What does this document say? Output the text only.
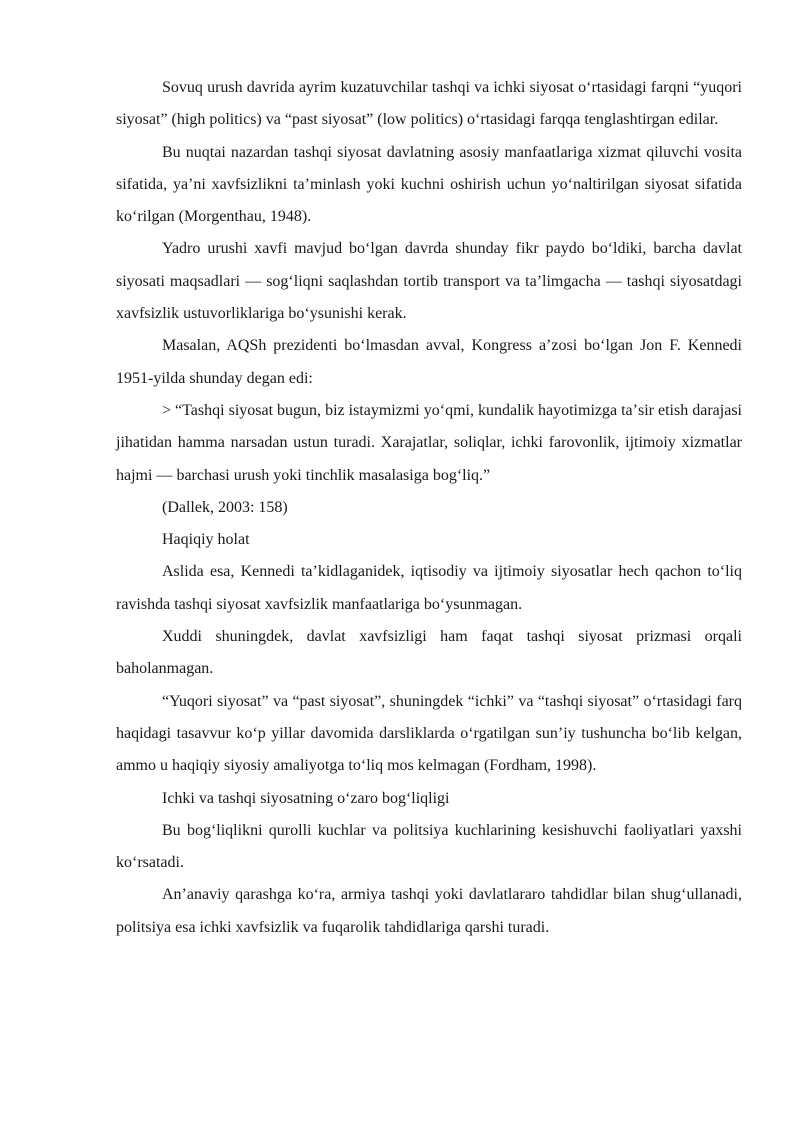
Sovuq urush davrida ayrim kuzatuvchilar tashqi va ichki siyosat oʻrtasidagi farqni “yuqori siyosat” (high politics) va “past siyosat” (low politics) oʻrtasidagi farqqa tenglashtirgan edilar.

Bu nuqtai nazardan tashqi siyosat davlatning asosiy manfaatlariga xizmat qiluvchi vosita sifatida, yaʼni xavfsizlikni taʼminlash yoki kuchni oshirish uchun yoʻnaltirilgan siyosat sifatida koʻrilgan (Morgenthau, 1948).

Yadro urushi xavfi mavjud boʻlgan davrda shunday fikr paydo boʻldiki, barcha davlat siyosati maqsadlari — sogʻliqni saqlashdan tortib transport va taʼlimgacha — tashqi siyosatdagi xavfsizlik ustuvorliklariga boʻysunishi kerak.

Masalan, AQSh prezidenti boʻlmasdan avval, Kongress aʼzosi boʻlgan Jon F. Kennedi 1951-yilda shunday degan edi:

> “Tashqi siyosat bugun, biz istaymizmi yoʻqmi, kundalik hayotimizga taʼsir etish darajasi jihatidan hamma narsadan ustun turadi. Xarajatlar, soliqlar, ichki farovonlik, ijtimoiy xizmatlar hajmi — barchasi urush yoki tinchlik masalasiga bogʻliq.”

(Dallek, 2003: 158)

Haqiqiy holat

Aslida esa, Kennedi taʼkidlaganidek, iqtisodiy va ijtimoiy siyosatlar hech qachon toʻliq ravishda tashqi siyosat xavfsizlik manfaatlariga boʻysunmagan.

Xuddi shuningdek, davlat xavfsizligi ham faqat tashqi siyosat prizmasi orqali baholanmagan.

“Yuqori siyosat” va “past siyosat”, shuningdek “ichki” va “tashqi siyosat” oʻrtasidagi farq haqidagi tasavvur koʻp yillar davomida darsliklarda oʻrgatilgan sunʼiy tushuncha boʻlib kelgan, ammo u haqiqiy siyosiy amaliyotga toʻliq mos kelmagan (Fordham, 1998).

Ichki va tashqi siyosatning oʻzaro bogʻliqligi

Bu bogʻliqlikni qurolli kuchlar va politsiya kuchlarining kesishuvchi faoliyatlari yaxshi koʻrsatadi.

Anʼanaviy qarashga koʻra, armiya tashqi yoki davlatlararo tahdidlar bilan shugʻullanadi, politsiya esa ichki xavfsizlik va fuqarolik tahdidlariga qarshi turadi.
